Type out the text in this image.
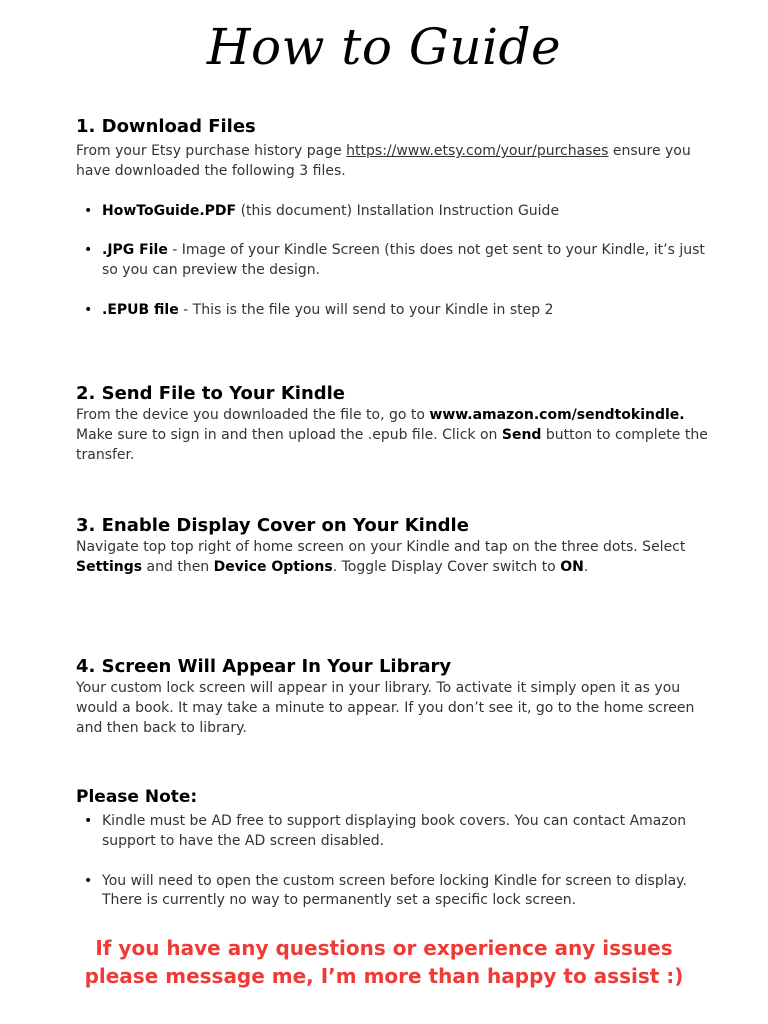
How to Guide
1. Download Files

From your Etsy purchase history page https://www.etsy.com/your/purchases ensure you have downloaded the following 3 files.

• HowToGuide.PDF (this document) Installation Instruction Guide
• .JPG File - Image of your Kindle Screen (this does not get sent to your Kindle, it’s just so you can preview the design.
• .EPUB file - This is the file you will send to your Kindle in step 2
2. Send File to Your Kindle

From the device you downloaded the file to, go to www.amazon.com/sendtokindle. Make sure to sign in and then upload the .epub file. Click on Send button to complete the transfer.

3. Enable Display Cover on Your Kindle

Navigate top top right of home screen on your Kindle and tap on the three dots. Select Settings and then Device Options. Toggle Display Cover switch to ON.

4. Screen Will Appear In Your Library

Your custom lock screen will appear in your library. To activate it simply open it as you would a book. It may take a minute to appear. If you don’t see it, go to the home screen and then back to library.

Please Note:
• Kindle must be AD free to support displaying book covers. You can contact Amazon support to have the AD screen disabled.
• You will need to open the custom screen before locking Kindle for screen to display. There is currently no way to permanently set a specific lock screen.
If you have any questions or experience any issues
please message me, I’m more than happy to assist :)
